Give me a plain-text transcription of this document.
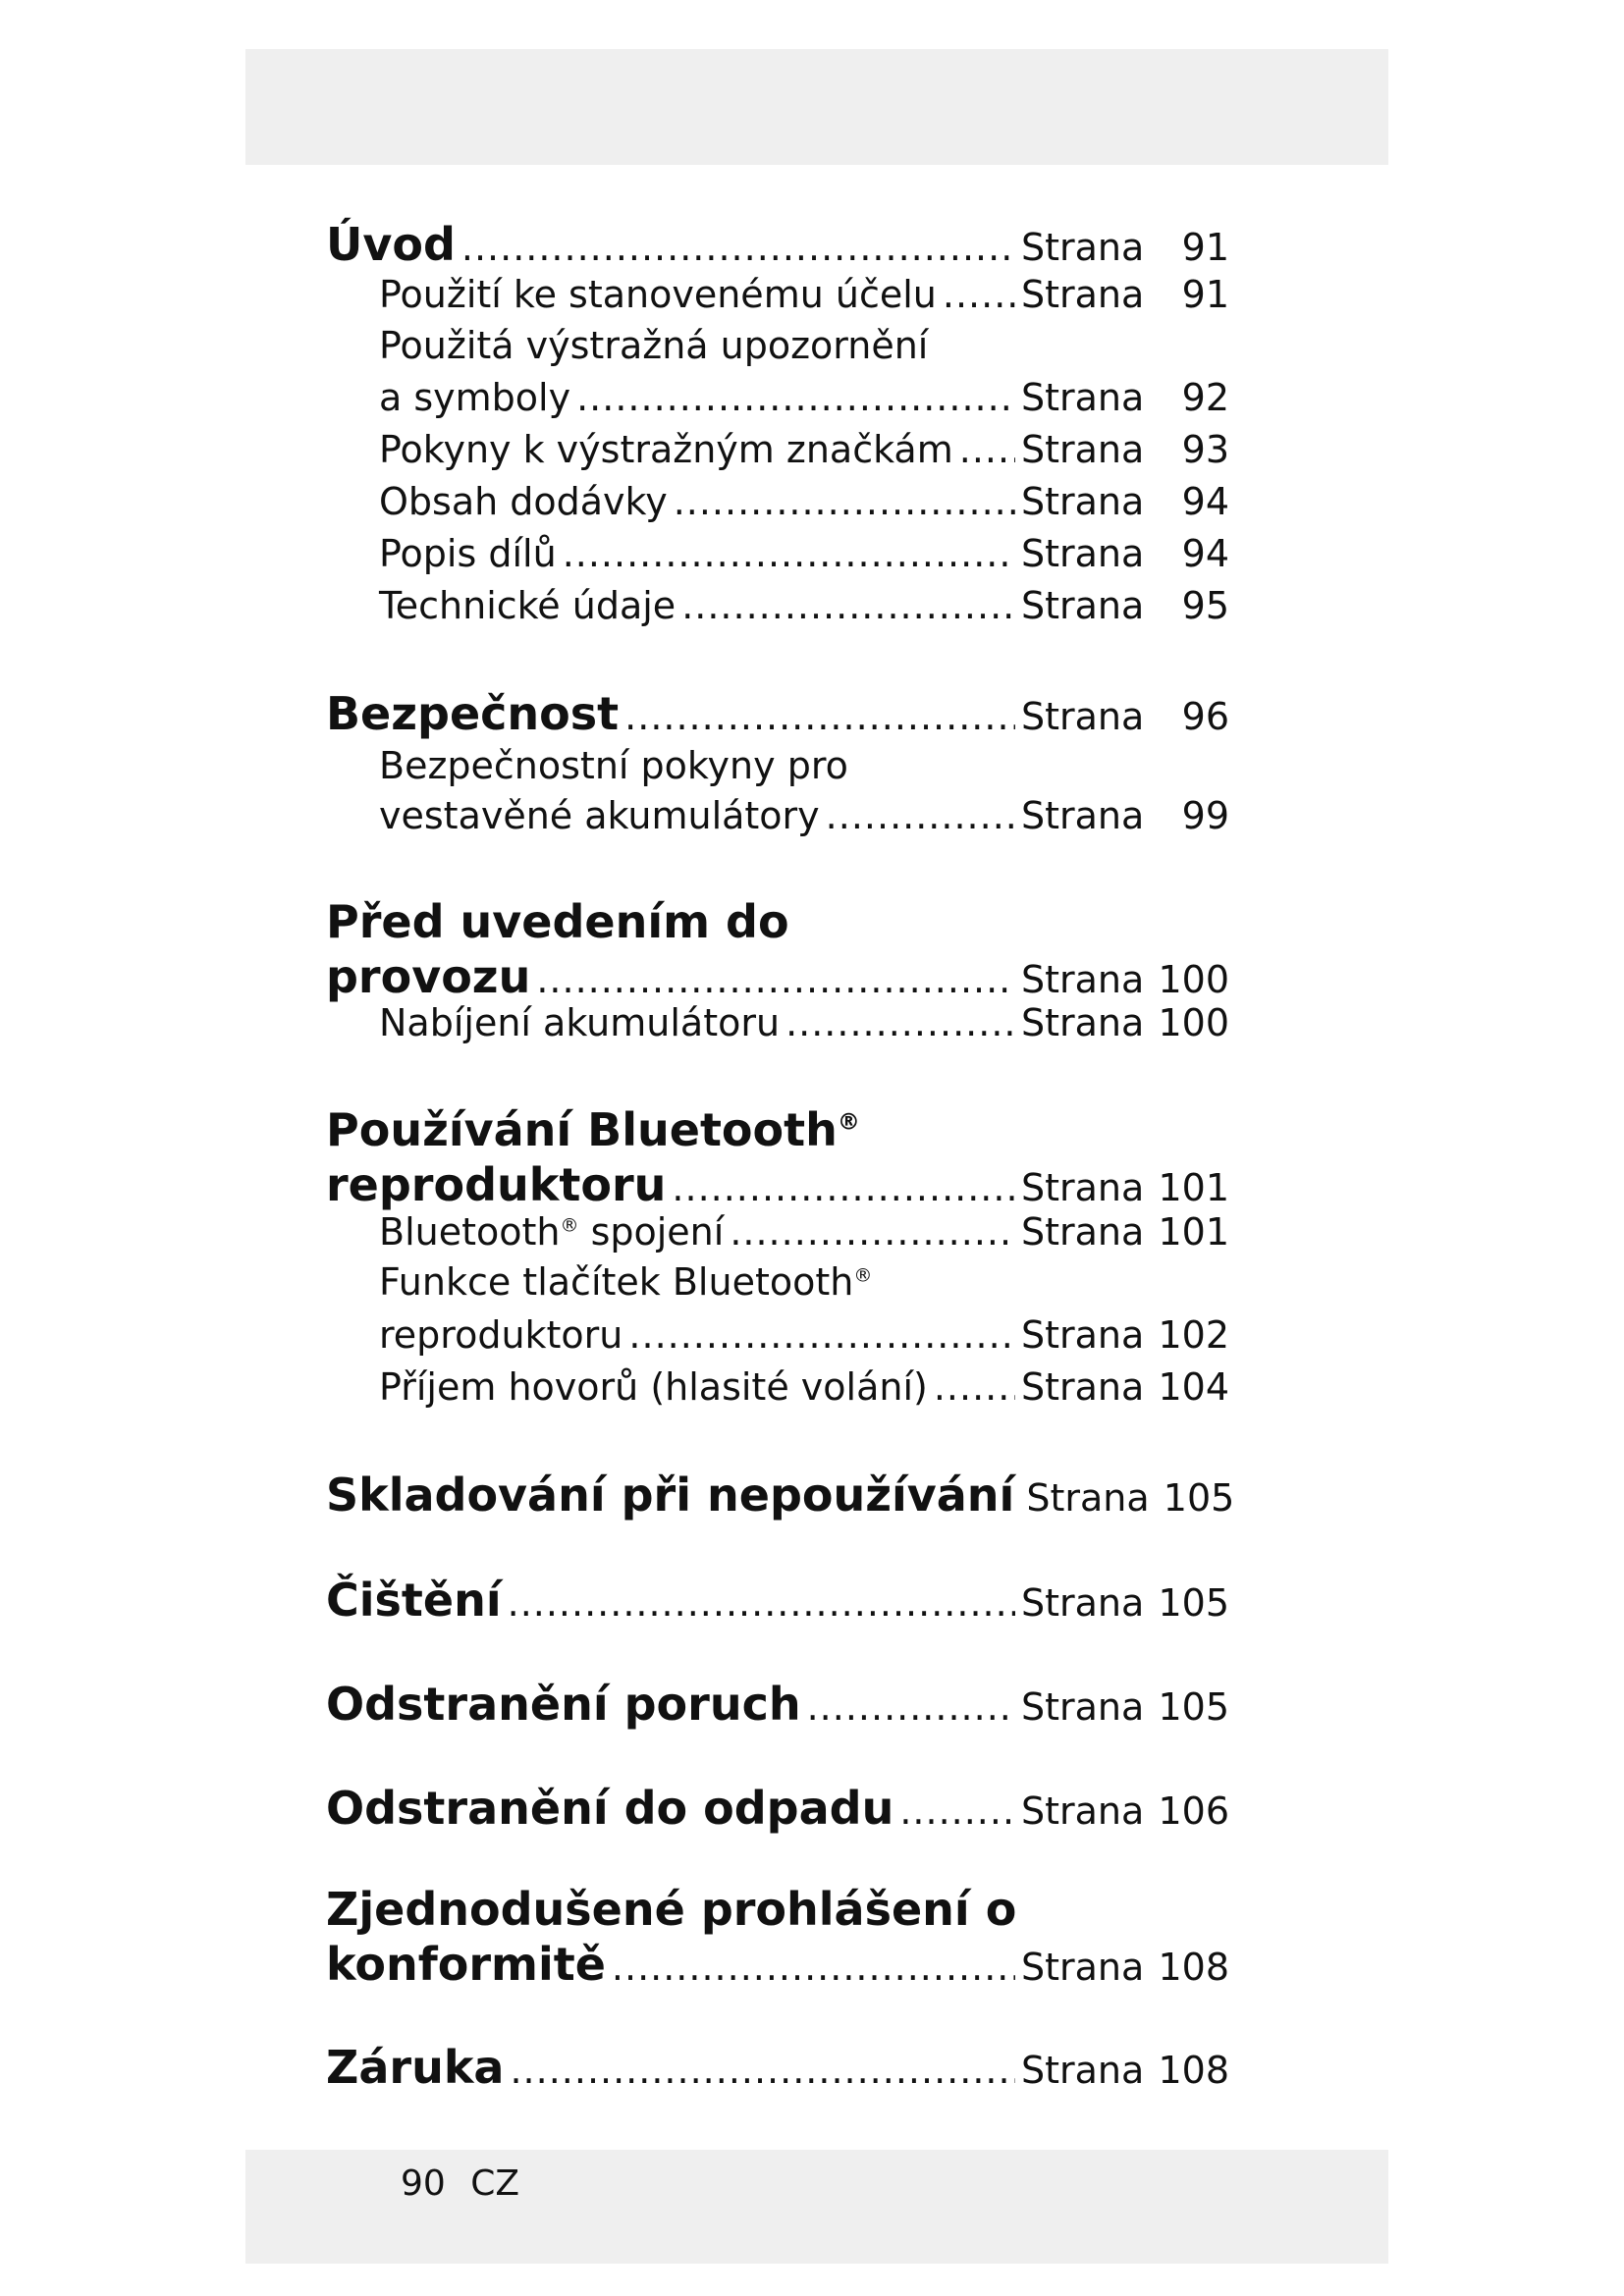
Úvod .....	Strana	91
Použití ke stanovenému účelu ..... Strana	91
Použitá výstražná upozornění
a symboly .....	Strana	92
Pokyny k výstražným značkám ..... Strana	93
Obsah dodávky .....	Strana	94
Popis dílů .....	Strana	94
Technické údaje .....	Strana	95
Bezpečnost .....	Strana	96
Bezpečnostní pokyny pro
vestavěné akumulátory .....	Strana	99
Před uvedením do
provozu .....	Strana 100
Nabíjení akumulátoru .....	Strana 100
Používání Bluetooth®
reproduktoru .....	Strana 101
Bluetooth® spojení .....	Strana 101
Funkce tlačítek Bluetooth®
reproduktoru .....	Strana 102
Příjem hovorů (hlasité volání) .....	Strana 104
Skladování při nepoužívání Strana 105
Čištění .....	Strana 105
Odstranění poruch .....	Strana 105
Odstranění do odpadu .....	Strana 106
Zjednodušené prohlášení o
konformitě .....	Strana 108
Záruka .....	Strana 108
90 CZ
